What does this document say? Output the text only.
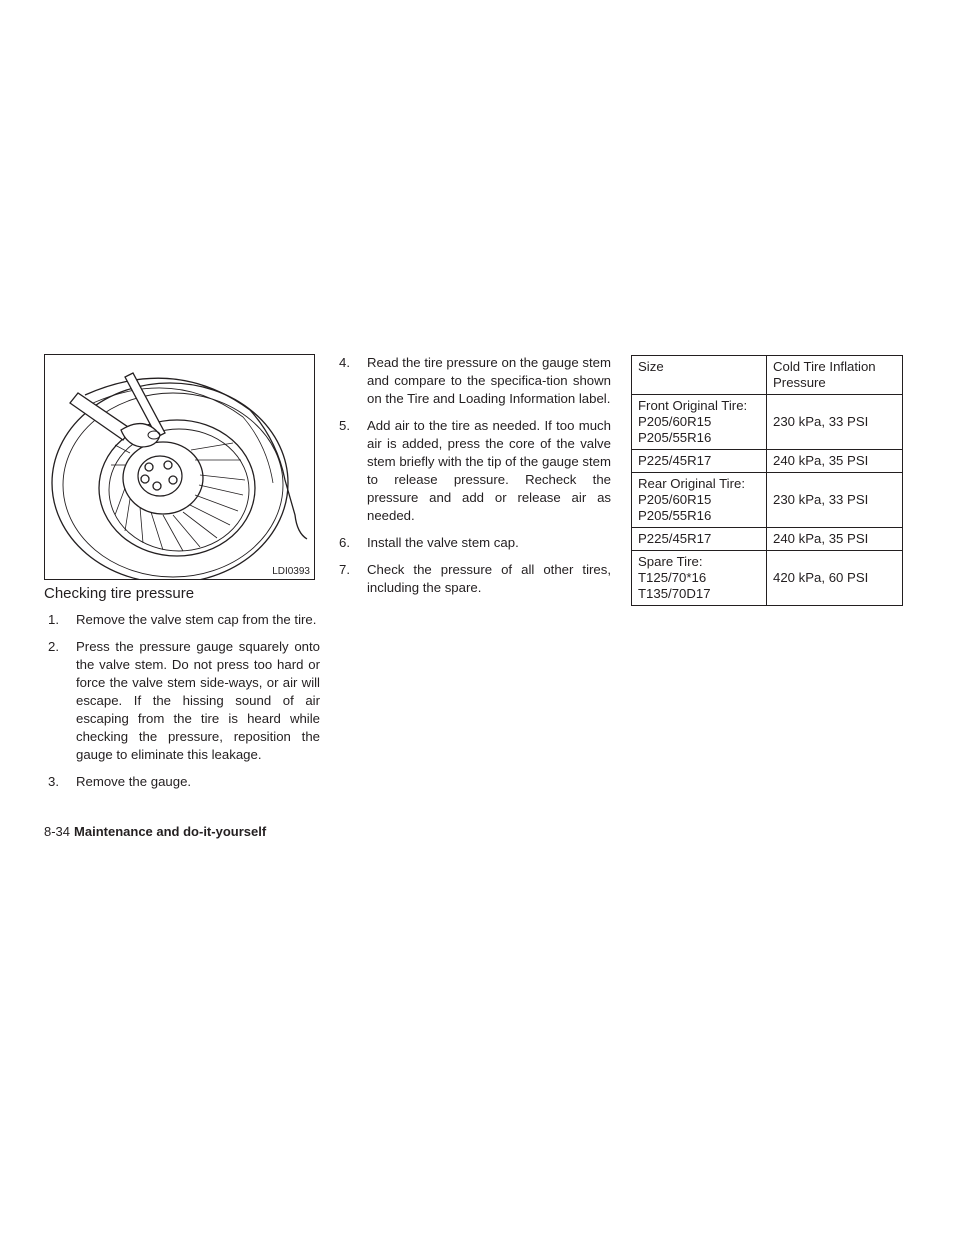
LDI0393
Checking tire pressure
1. Remove the valve stem cap from the tire.
2. Press the pressure gauge squarely onto the valve stem. Do not press too hard or force the valve stem side-ways, or air will escape. If the hissing sound of air escaping from the tire is heard while checking the pressure, reposition the gauge to eliminate this leakage.
3. Remove the gauge.
4. Read the tire pressure on the gauge stem and compare to the specifica-tion shown on the Tire and Loading Information label.
5. Add air to the tire as needed. If too much air is added, press the core of the valve stem briefly with the tip of the gauge stem to release pressure. Recheck the pressure and add or release air as needed.
6. Install the valve stem cap.
7. Check the pressure of all other tires, including the spare.
Size	Cold Tire Inflation Pressure
Front Original Tire:
P205/60R15
P205/55R16	230 kPa, 33 PSI
P225/45R17	240 kPa, 35 PSI
Rear Original Tire:
P205/60R15
P205/55R16	230 kPa, 33 PSI
P225/45R17	240 kPa, 35 PSI
Spare Tire:
T125/70*16
T135/70D17	420 kPa, 60 PSI
8-34 Maintenance and do-it-yourself
